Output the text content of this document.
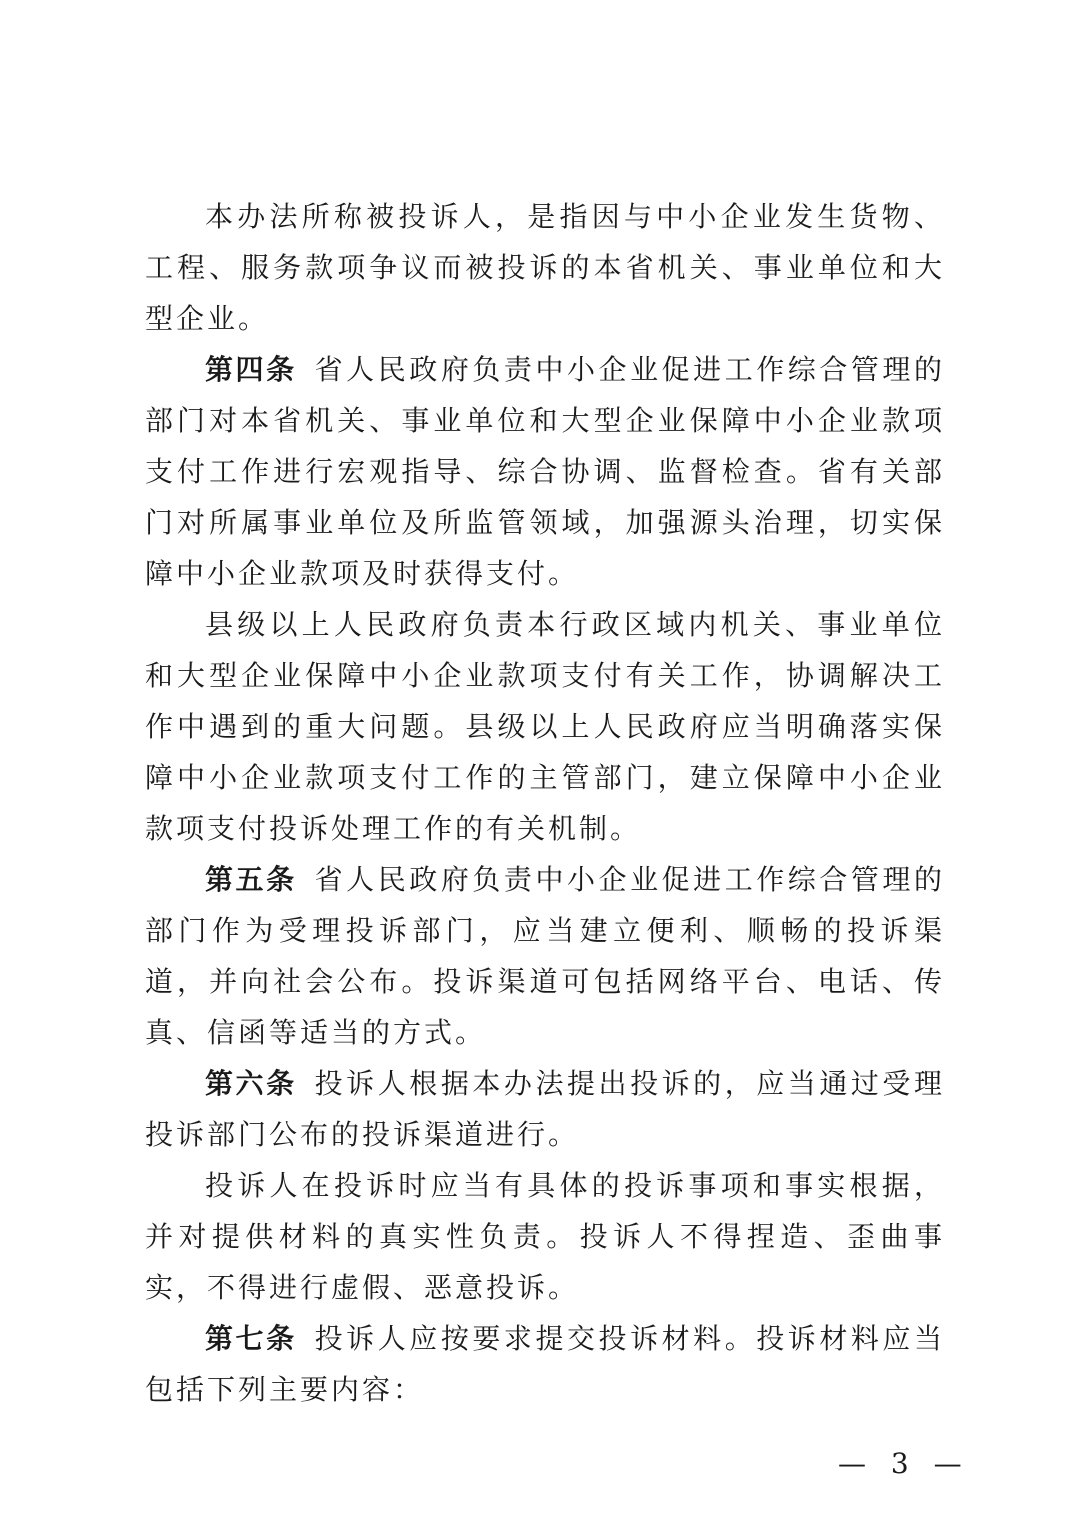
本办法所称被投诉人，是指因与中小企业发生货物、工程、服务款项争议而被投诉的本省机关、事业单位和大型企业。

第四条 省人民政府负责中小企业促进工作综合管理的部门对本省机关、事业单位和大型企业保障中小企业款项支付工作进行宏观指导、综合协调、监督检查。省有关部门对所属事业单位及所监管领域，加强源头治理，切实保障中小企业款项及时获得支付。

县级以上人民政府负责本行政区域内机关、事业单位和大型企业保障中小企业款项支付有关工作，协调解决工作中遇到的重大问题。县级以上人民政府应当明确落实保障中小企业款项支付工作的主管部门，建立保障中小企业款项支付投诉处理工作的有关机制。

第五条 省人民政府负责中小企业促进工作综合管理的部门作为受理投诉部门，应当建立便利、顺畅的投诉渠道，并向社会公布。投诉渠道可包括网络平台、电话、传真、信函等适当的方式。

第六条 投诉人根据本办法提出投诉的，应当通过受理投诉部门公布的投诉渠道进行。

投诉人在投诉时应当有具体的投诉事项和事实根据，并对提供材料的真实性负责。投诉人不得捏造、歪曲事实，不得进行虚假、恶意投诉。

第七条 投诉人应按要求提交投诉材料。投诉材料应当包括下列主要内容：

— 3 —
